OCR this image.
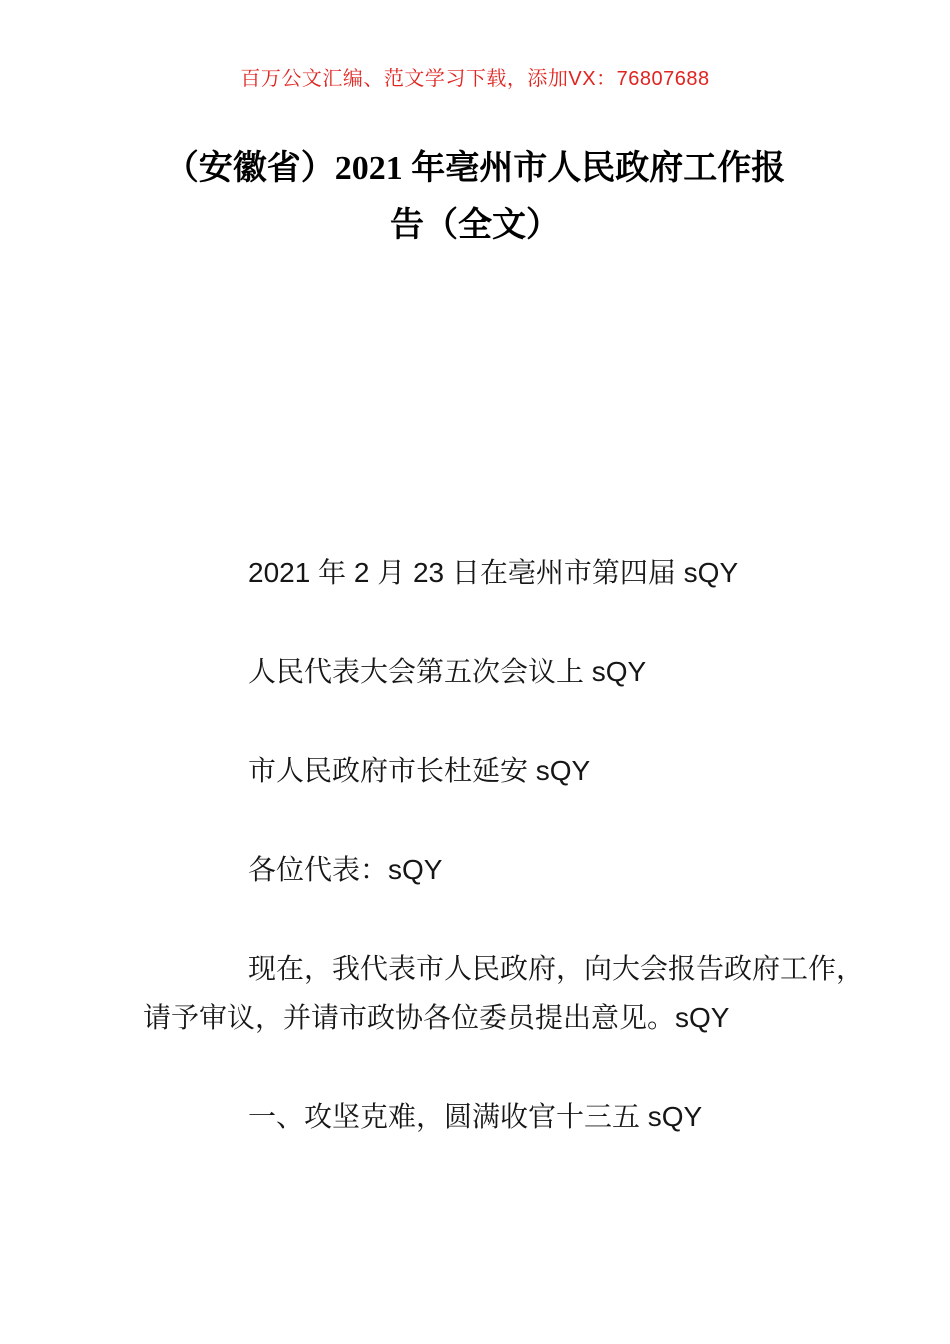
百万公文汇编、范文学习下载，添加VX：76807688
（安徽省）2021 年亳州市人民政府工作报
告（全文）

2021 年 2 月 23 日在亳州市第四届 sQY

人民代表大会第五次会议上 sQY

市人民政府市长杜延安 sQY

各位代表：sQY

现在，我代表市人民政府，向大会报告政府工作，请予审议，并请市政协各位委员提出意见。sQY

一、攻坚克难，圆满收官十三五 sQY
